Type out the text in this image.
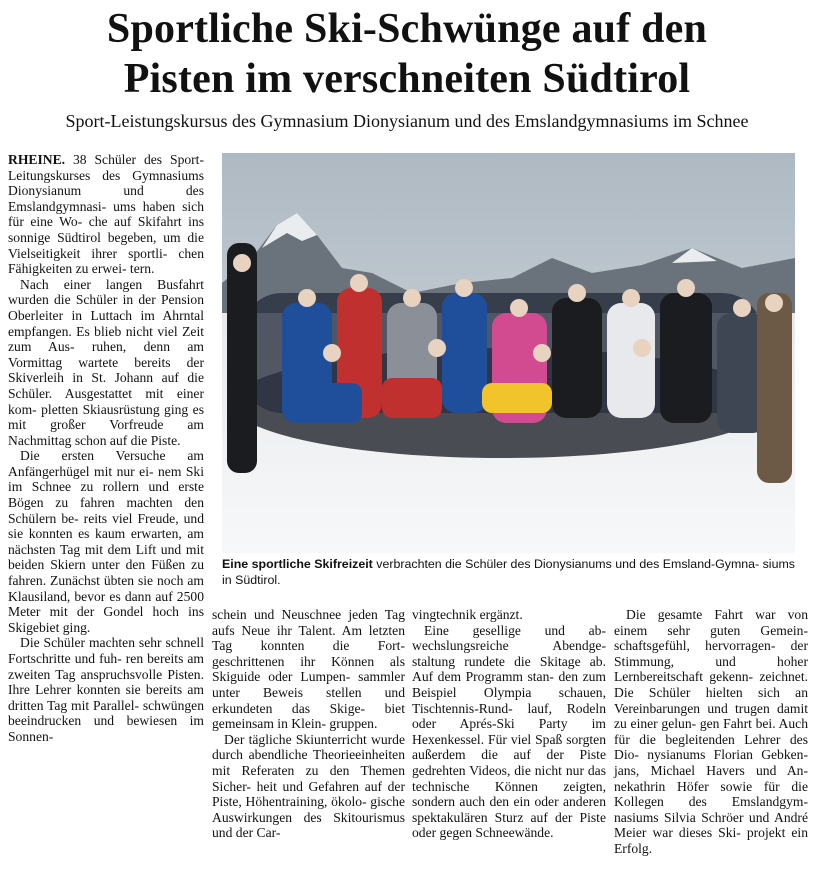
Sportliche Ski-Schwünge auf den
Pisten im verschneiten Südtirol

Sport-Leistungskursus des Gymnasium Dionysianum und des Emslandgymnasiums im Schnee

RHEINE. 38 Schüler des Sport-Leitungskurses des Gymnasiums Dionysianum und des Emslandgymnasi- ums haben sich für eine Wo- che auf Skifahrt ins sonnige Südtirol begeben, um die Vielseitigkeit ihrer sportli- chen Fähigkeiten zu erwei- tern.

Nach einer langen Busfahrt wurden die Schüler in der Pension Oberleiter in Luttach im Ahrntal empfangen. Es blieb nicht viel Zeit zum Aus- ruhen, denn am Vormittag wartete bereits der Skiverleih in St. Johann auf die Schüler. Ausgestattet mit einer kom- pletten Skiausrüstung ging es mit großer Vorfreude am Nachmittag schon auf die Piste.

Die ersten Versuche am Anfängerhügel mit nur ei- nem Ski im Schnee zu rollern und erste Bögen zu fahren machten den Schülern be- reits viel Freude, und sie konnten es kaum erwarten, am nächsten Tag mit dem Lift und mit beiden Skiern unter den Füßen zu fahren. Zunächst übten sie noch am Klausiland, bevor es dann auf 2500 Meter mit der Gondel hoch ins Skigebiet ging.

Die Schüler machten sehr schnell Fortschritte und fuh- ren bereits am zweiten Tag anspruchsvolle Pisten. Ihre Lehrer konnten sie bereits am dritten Tag mit Parallel- schwüngen beeindrucken und bewiesen im Sonnen-

Eine sportliche Skifreizeit verbrachten die Schüler des Dionysianums und des Emsland-Gymna- siums in Südtirol.

schein und Neuschnee jeden Tag aufs Neue ihr Talent. Am letzten Tag konnten die Fort- geschrittenen ihr Können als Skiguide oder Lumpen- sammler unter Beweis stellen und erkundeten das Skige- biet gemeinsam in Klein- gruppen.

Der tägliche Skiunterricht wurde durch abendliche Theorieeinheiten mit Referaten zu den Themen Sicher- heit und Gefahren auf der Piste, Höhentraining, ökolo- gische Auswirkungen des Skitourismus und der Car-

vingtechnik ergänzt.

Eine gesellige und ab- wechslungsreiche Abendge- staltung rundete die Skitage ab. Auf dem Programm stan- den zum Beispiel Olympia schauen, Tischtennis-Rund- lauf, Rodeln oder Aprés-Ski Party im Hexenkessel. Für viel Spaß sorgten außerdem die auf der Piste gedrehten Videos, die nicht nur das technische Können zeigten, sondern auch den ein oder anderen spektakulären Sturz auf der Piste oder gegen Schneewände.

Die gesamte Fahrt war von einem sehr guten Gemein- schaftsgefühl, hervorragen- der Stimmung, und hoher Lernbereitschaft gekenn- zeichnet. Die Schüler hielten sich an Vereinbarungen und trugen damit zu einer gelun- gen Fahrt bei. Auch für die begleitenden Lehrer des Dio- nysianums Florian Gebken- jans, Michael Havers und An- nekathrin Höfer sowie für die Kollegen des Emslandgym- nasiums Silvia Schröer und André Meier war dieses Ski- projekt ein Erfolg.
